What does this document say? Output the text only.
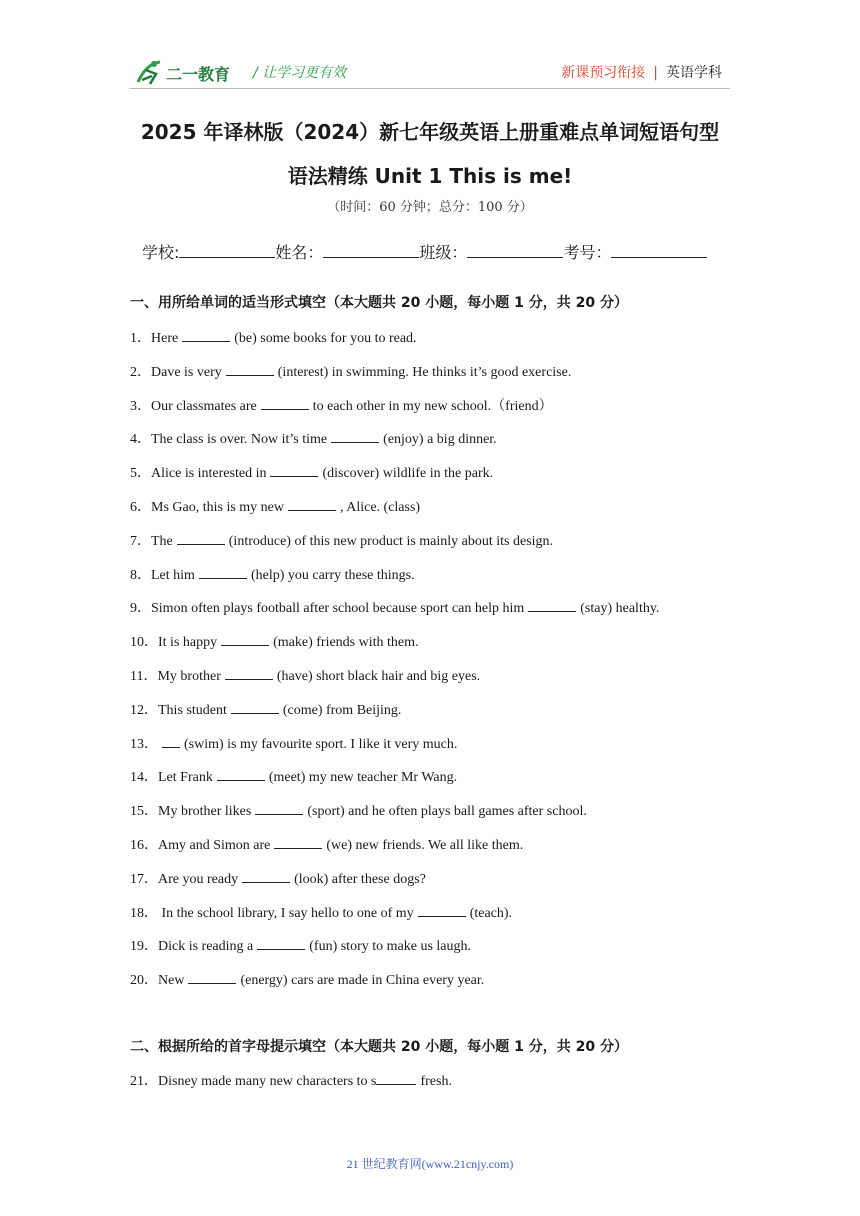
二一教育 / 让学习更有效	新课预习衔接 | 英语学科
2025 年译林版（2024）新七年级英语上册重难点单词短语句型
语法精练 Unit 1 This is me!
（时间：60 分钟；总分：100 分）
学校:	姓名：	班级：	考号：
一、用所给单词的适当形式填空（本大题共 20 小题，每小题 1 分，共 20 分）
1．Here	(be) some books for you to read.
2．Dave is very	(interest) in swimming. He thinks it’s good exercise.
3．Our classmates are	to each other in my new school.（friend）
4．The class is over. Now it’s time	(enjoy) a big dinner.
5．Alice is interested in	(discover) wildlife in the park.
6．Ms Gao, this is my new	, Alice. (class)
7．The	(introduce) of this new product is mainly about its design.
8．Let him	(help) you carry these things.
9．Simon often plays football after school because sport can help him	(stay) healthy.
10．It is happy	(make) friends with them.
11．My brother	(have) short black hair and big eyes.
12．This student	(come) from Beijing.
13． (swim) is my favourite sport. I like it very much.
14．Let Frank	(meet) my new teacher Mr Wang.
15．My brother likes	(sport) and he often plays ball games after school.
16．Amy and Simon are	(we) new friends. We all like them.
17．Are you ready	(look) after these dogs?
18． In the school library, I say hello to one of my	(teach).
19．Dick is reading a	(fun) story to make us laugh.
20．New	(energy) cars are made in China every year.
二、根据所给的首字母提示填空（本大题共 20 小题，每小题 1 分，共 20 分）
21．Disney made many new characters to s	fresh.
21 世纪教育网(www.21cnjy.com)
